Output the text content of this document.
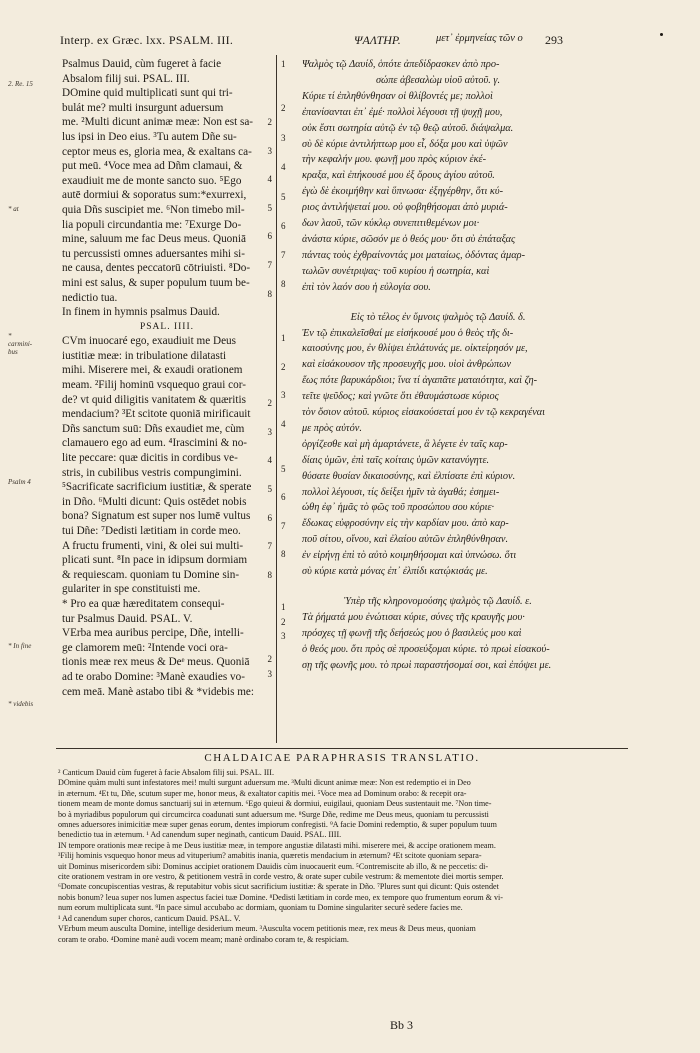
Interp. ex Græc. lxx. PSALM. III.	ΨΑΛΤΗΡ.	μετ᾽ ἐρμηνείας τῶν ο 293
2. Re. 15
* at
* carmini-bus
Psalm 4
* In fine
* videbis
1
2
3
4
5
6
7
8
1
2
3
4
5
6
7
8
1
2
3
2
3
4
5
6
7
8
2
3
4
5
6
7
8
2
3
Psalmus Dauid, cùm fugeret à facie
Absalom filij sui. PSAL. III.
DOmine quid multiplicati sunt qui tri-
bulát me? multi insurgunt aduersum
me. ²Multi dicunt animæ meæ: Non est sa-
lus ipsi in Deo eius. ³Tu autem Dñe su-
ceptor meus es, gloria mea, & exaltans ca-
put meū. ⁴Voce mea ad Dñm clamaui, &
exaudiuit me de monte sancto suo. ⁵Ego
autē dormiui & soporatus sum:*exurrexi,
quia Dñs suscipiet me. ⁶Non timebo mil-
lia populi circundantia me: ⁷Exurge Do-
mine, saluum me fac Deus meus. Quoniā
tu percussisti omnes aduersantes mihi si-
ne causa, dentes peccatorū cōtriuisti. ⁸Do-
mini est salus, & super populum tuum be-
nedictio tua.
In finem in hymnis psalmus Dauid.
PSAL. IIII.
CVm inuocaré ego, exaudiuit me Deus
iustitiæ meæ: in tribulatione dilatasti
mihi. Miserere mei, & exaudi orationem
meam. ²Filij hominū vsquequo graui cor-
de? vt quid diligitis vanitatem & quæritis
mendacium? ³Et scitote quoniā mirificauit
Dñs sanctum suū: Dñs exaudiet me, cùm
clamauero ego ad eum. ⁴Irascimini & no-
lite peccare: quæ dicitis in cordibus ve-
stris, in cubilibus vestris compungimini.
⁵Sacrificate sacrificium iustitiæ, & sperate
in Dño. ⁶Multi dicunt: Quis ostēdet nobis
bona? Signatum est super nos lumē vultus
tui Dñe: ⁷Dedisti lætitiam in corde meo.
A fructu frumenti, vini, & olei sui multi-
plicati sunt. ⁸In pace in idipsum dormiam
& requiescam. quoniam tu Domine sin-
gulariter in spe constituisti me.
* Pro ea quæ hæreditatem consequi-
tur Psalmus Dauid. PSAL. V.
VErba mea auribus percipe, Dñe, intelli-
ge clamorem meū: ²Intende voci ora-
tionis meæ rex meus & Deᵉ meus. Quoniā
ad te orabo Domine: ³Manè exaudies vo-
cem meā. Manè astabo tibi & *videbis me:
Ψαλμὸς τῷ Δαυίδ, ὁπότε ἀπεδίδρασκεν ἀπὸ προ-
σώπε ἀβεσαλὼμ υἱοῦ αὐτοῦ. γ.
Κύριε τί ἐπληθύνθησαν οἱ θλίβοντές με; πολλοὶ
ἐπανίσανται ἐπ᾽ ἐμέ· πολλοὶ λέγουσι τῇ ψυχῇ μου,
οὐκ ἔστι σωτηρία αὐτῷ ἐν τῷ θεῷ αὐτοῦ. διάψαλμα.
σὺ δὲ κύριε ἀντιλήπτωρ μου εἶ, δόξα μου καὶ ὑψῶν
τὴν κεφαλήν μου. φωνῇ μου πρὸς κύριον ἐκέ-
κραξα, καὶ ἐπήκουσέ μου ἐξ ὄρους ἁγίου αὐτοῦ.
ἐγὼ δὲ ἐκοιμήθην καὶ ὕπνωσα· ἐξηγέρθην, ὅτι κύ-
ριος ἀντιλήψεταί μου. οὐ φοβηθήσομαι ἀπὸ μυριά-
δων λαοῦ, τῶν κύκλῳ συνεπιτιθεμένων μοι·
ἀνάστα κύριε, σῶσόν με ὁ θεός μου· ὅτι σὺ ἐπάταξας
πάντας τοὺς ἐχθραίνοντάς μοι ματαίως, ὀδόντας ἁμαρ-
τωλῶν συνέτριψας· τοῦ κυρίου ἡ σωτηρία, καὶ
ἐπὶ τὸν λαόν σου ἡ εὐλογία σου.
Εἰς τὸ τέλος ἐν ὕμνοις ψαλμὸς τῷ Δαυίδ. δ.
Ἐν τῷ ἐπικαλεῖσθαί με εἰσήκουσέ μου ὁ θεὸς τῆς δι-
καιοσύνης μου, ἐν θλίψει ἐπλάτυνάς με. οἰκτείρησόν με,
καὶ εἰσάκουσον τῆς προσευχῆς μου. υἱοὶ ἀνθρώπων
ἕως πότε βαρυκάρδιοι; ἵνα τί ἀγαπᾶτε ματαιότητα, καὶ ζη-
τεῖτε ψεῦδος; καὶ γνῶτε ὅτι ἐθαυμάστωσε κύριος
τὸν ὅσιον αὐτοῦ. κύριος εἰσακούσεταί μου ἐν τῷ κεκραγέναι
με πρὸς αὐτόν.
ὀργίζεσθε καὶ μὴ ἁμαρτάνετε, ἃ λέγετε ἐν ταῖς καρ-
δίαις ὑμῶν, ἐπὶ ταῖς κοίταις ὑμῶν κατανύγητε.
θύσατε θυσίαν δικαιοσύνης, καὶ ἐλπίσατε ἐπὶ κύριον.
πολλοὶ λέγουσι, τίς δείξει ἡμῖν τὰ ἀγαθά; ἐσημει-
ώθη ἐφ᾽ ἡμᾶς τὸ φῶς τοῦ προσώπου σου κύριε·
ἔδωκας εὐφροσύνην εἰς τὴν καρδίαν μου. ἀπὸ καρ-
ποῦ σίτου, οἴνου, καὶ ἐλαίου αὐτῶν ἐπληθύνθησαν.
ἐν εἰρήνῃ ἐπὶ τὸ αὐτὸ κοιμηθήσομαι καὶ ὑπνώσω. ὅτι
σὺ κύριε κατὰ μόνας ἐπ᾽ ἐλπίδι κατῴκισάς με.
Ὑπὲρ τῆς κληρονομούσης ψαλμὸς τῷ Δαυίδ. ε.
Τὰ ῥήματά μου ἐνώτισαι κύριε, σύνες τῆς κραυγῆς μου·
πρόσχες τῇ φωνῇ τῆς δεήσεώς μου ὁ βασιλεύς μου καὶ
ὁ θεός μου. ὅτι πρὸς σὲ προσεύξομαι κύριε. τὸ πρωὶ εἰσακού-
σῃ τῆς φωνῆς μου. τὸ πρωὶ παραστήσομαί σοι, καὶ ἐπόψει με.
CHALDAICAE PARAPHRASIS TRANSLATIO.
² Canticum Dauid cùm fugeret à facie Absalom filij sui. PSAL. III.
DOmine quàm multi sunt infestatores mei! multi surgunt aduersum me. ³Multi dicunt animæ meæ: Non est redemptio ei in Deo
in æternum. ⁴Et tu, Dñe, scutum super me, honor meus, & exaltator capitis mei. ⁵Voce mea ad Dominum orabo: & recepit ora-
tionem meam de monte domus sanctuarij sui in æternum. ⁶Ego quieui & dormiui, euigilaui, quoniam Deus sustentauit me. ⁷Non time-
bo à myriadibus populorum qui circumcirca coadunati sunt aduersum me. ⁸Surge Dñe, redime me Deus meus, quoniam tu percussisti
omnes aduersores inimicitiæ meæ super genas eorum, dentes impiorum confregisti. ⁹A facie Domini redemptio, & super populum tuum
benedictio tua in æternum. ¹ Ad canendum super neginath, canticum Dauid. PSAL. IIII.
IN tempore orationis meæ recipe à me Deus iustitiæ meæ, in tempore angustiæ dilatasti mihi. miserere mei, & accipe orationem meam.
³Filij hominis vsquequo honor meus ad vituperium? amabitis inania, quæretis mendacium in æternum? ⁴Et scitote quoniam separa-
uit Dominus misericordem sibi: Dominus accipiet orationem Dauidis cùm inuocauerit eum. ⁵Contremiscite ab illo, & ne peccetis: di-
cite orationem vestram in ore vestro, & petitionem vestrā in corde vestro, & orate super cubile vestrum: & mementote diei mortis semper.
⁶Domate concupiscentias vestras, & reputabitur vobis sicut sacrificium iustitiæ: & sperate in Dño. ⁷Plures sunt qui dicunt: Quis ostendet
nobis bonum? leua super nos lumen aspectus faciei tuæ Domine. ⁸Dedisti lætitiam in corde meo, ex tempore quo frumentum eorum & vi-
num eorum multiplicata sunt. ⁹In pace simul accubabo ac dormiam, quoniam tu Domine singulariter securè sedere facies me.
¹ Ad canendum super choros, canticum Dauid. PSAL. V.
VErbum meum ausculta Domine, intellige desiderium meum. ³Ausculta vocem petitionis meæ, rex meus & Deus meus, quoniam
coram te orabo. ⁴Domine manè audi vocem meam; manè ordinabo coram te, & respiciam.
Bb 3
